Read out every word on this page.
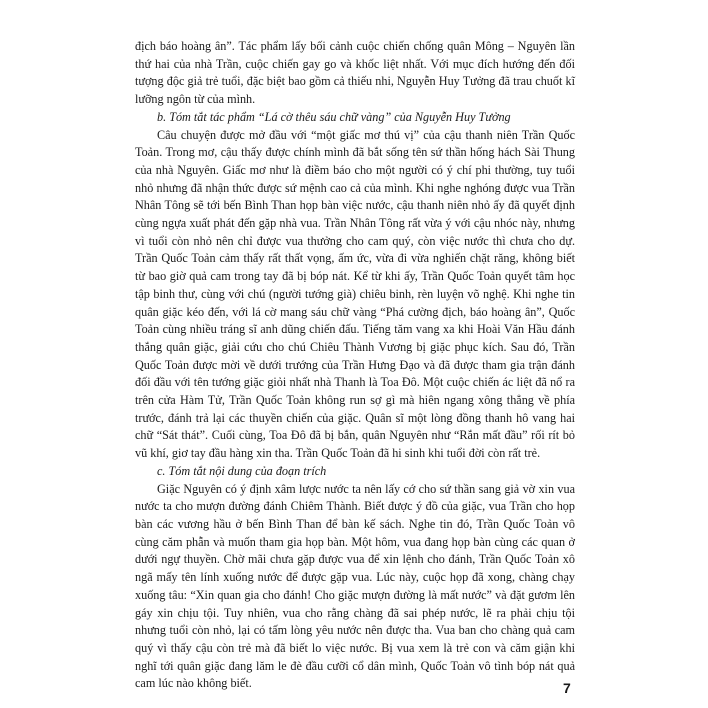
địch báo hoàng ân”. Tác phẩm lấy bối cảnh cuộc chiến chống quân Mông – Nguyên lần thứ hai của nhà Trần, cuộc chiến gay go và khốc liệt nhất. Với mục đích hướng đến đối tượng độc giả trẻ tuổi, đặc biệt bao gồm cả thiếu nhi, Nguyễn Huy Tưởng đã trau chuốt kĩ lưỡng ngôn từ của mình.

b. Tóm tắt tác phẩm “Lá cờ thêu sáu chữ vàng” của Nguyễn Huy Tưởng

Câu chuyện được mở đầu với “một giấc mơ thú vị” của cậu thanh niên Trần Quốc Toản. Trong mơ, cậu thấy được chính mình đã bắt sống tên sứ thần hống hách Sài Thung của nhà Nguyên. Giấc mơ như là điềm báo cho một người có ý chí phi thường, tuy tuổi nhỏ nhưng đã nhận thức được sứ mệnh cao cả của mình. Khi nghe nghóng được vua Trần Nhân Tông sẽ tới bến Bình Than họp bàn việc nước, cậu thanh niên nhỏ ấy đã quyết định cùng ngựa xuất phát đến gặp nhà vua. Trần Nhân Tông rất vừa ý với cậu nhóc này, nhưng vì tuổi còn nhỏ nên chỉ được vua thưởng cho cam quý, còn việc nước thì chưa cho dự. Trần Quốc Toản cảm thấy rất thất vọng, ấm ức, vừa đi vừa nghiến chặt răng, không biết từ bao giờ quả cam trong tay đã bị bóp nát. Kể từ khi ấy, Trần Quốc Toản quyết tâm học tập binh thư, cùng với chú (người tướng già) chiêu binh, rèn luyện võ nghệ. Khi nghe tin quân giặc kéo đến, với lá cờ mang sáu chữ vàng “Phá cường địch, báo hoàng ân”, Quốc Toản cùng nhiều tráng sĩ anh dũng chiến đấu. Tiếng tăm vang xa khi Hoài Văn Hầu đánh thắng quân giặc, giải cứu cho chú Chiêu Thành Vương bị giặc phục kích. Sau đó, Trần Quốc Toản được mời về dưới trướng của Trần Hưng Đạo và đã được tham gia trận đánh đối đầu với tên tướng giặc giỏi nhất nhà Thanh là Toa Đô. Một cuộc chiến ác liệt đã nổ ra trên cửa Hàm Tử, Trần Quốc Toản không run sợ gì mà hiên ngang xông thẳng về phía trước, đánh trả lại các thuyền chiến của giặc. Quân sĩ một lòng đồng thanh hô vang hai chữ “Sát thát”. Cuối cùng, Toa Đô đã bị bắn, quân Nguyên như “Rắn mất đầu” rối rít bỏ vũ khí, giơ tay đầu hàng xin tha. Trần Quốc Toản đã hi sinh khi tuổi đời còn rất trẻ.

c. Tóm tắt nội dung của đoạn trích

Giặc Nguyên có ý định xâm lược nước ta nên lấy cớ cho sứ thần sang giả vờ xin vua nước ta cho mượn đường đánh Chiêm Thành. Biết được ý đồ của giặc, vua Trần cho họp bàn các vương hầu ở bến Bình Than để bàn kế sách. Nghe tin đó, Trần Quốc Toản vô cùng căm phẫn và muốn tham gia họp bàn. Một hôm, vua đang họp bàn cùng các quan ở dưới ngự thuyền. Chờ mãi chưa gặp được vua để xin lệnh cho đánh, Trần Quốc Toản xô ngã mấy tên lính xuống nước để được gặp vua. Lúc này, cuộc họp đã xong, chàng chạy xuống tâu: “Xin quan gia cho đánh! Cho giặc mượn đường là mất nước” và đặt gươm lên gáy xin chịu tội. Tuy nhiên, vua cho rằng chàng đã sai phép nước, lẽ ra phải chịu tội nhưng tuổi còn nhỏ, lại có tấm lòng yêu nước nên được tha. Vua ban cho chàng quả cam quý vì thấy cậu còn trẻ mà đã biết lo việc nước. Bị vua xem là trẻ con và căm giận khi nghĩ tới quân giặc đang lăm le đè đầu cưỡi cổ dân mình, Quốc Toản vô tình bóp nát quả cam lúc nào không biết.	7
